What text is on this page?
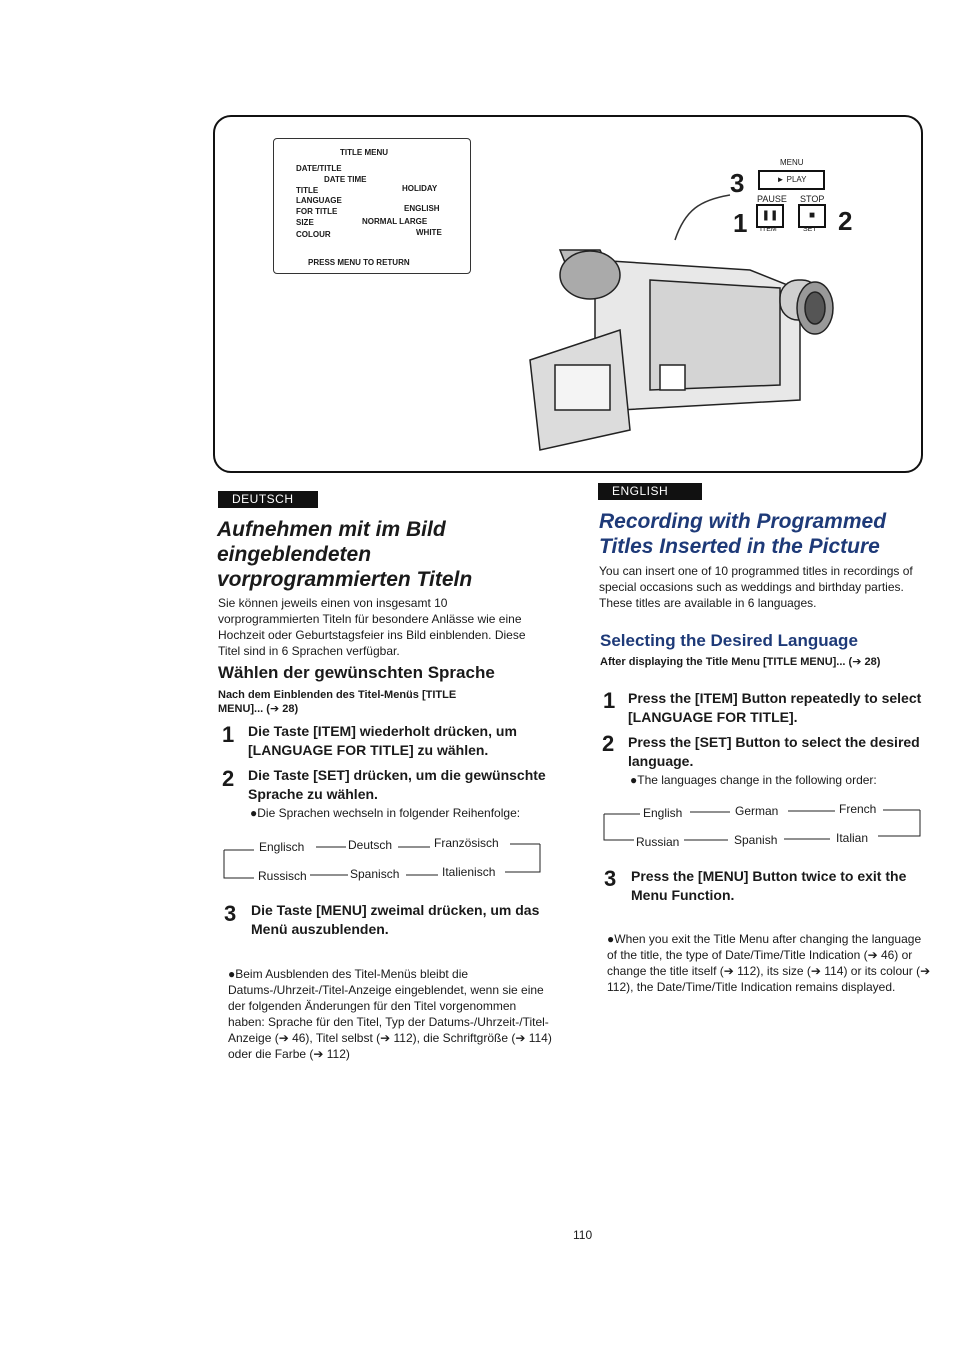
TITLE MENU
DATE/TITLE
DATE TIME
TITLE	HOLIDAY
LANGUAGE
FOR TITLE	ENGLISH
SIZE	NORMAL LARGE
COLOUR	WHITE
PRESS MENU TO RETURN
MENU
► PLAY
3
PAUSE STOP
❚❚	■
ITEM	SET
1	2
DEUTSCH
Aufnehmen mit im Bild
eingeblendeten
vorprogrammierten Titeln
Sie können jeweils einen von insgesamt 10 vorprogrammierten Titeln für besondere Anlässe wie eine Hochzeit oder Geburtstagsfeier ins Bild einblenden. Diese Titel sind in 6 Sprachen verfügbar.
Wählen der gewünschten Sprache
Nach dem Einblenden des Titel-Menüs [TITLE MENU]... (➔ 28)
1 Die Taste [ITEM] wiederholt drücken, um [LANGUAGE FOR TITLE] zu wählen.
2 Die Taste [SET] drücken, um die gewünschte Sprache zu wählen.
●Die Sprachen wechseln in folgender Reihenfolge:
Englisch	Deutsch	Französisch
Russisch	Spanisch	Italienisch
3 Die Taste [MENU] zweimal drücken, um das Menü auszublenden.
●Beim Ausblenden des Titel-Menüs bleibt die Datums-/Uhrzeit-/Titel-Anzeige eingeblendet, wenn sie eine der folgenden Änderungen für den Titel vorgenommen haben: Sprache für den Titel, Typ der Datums-/Uhrzeit-/Titel-Anzeige (➔ 46), Titel selbst (➔ 112), die Schriftgröße (➔ 114) oder die Farbe (➔ 112)
ENGLISH
Recording with Programmed
Titles Inserted in the Picture
You can insert one of 10 programmed titles in recordings of special occasions such as weddings and birthday parties. These titles are available in 6 languages.
Selecting the Desired Language
After displaying the Title Menu [TITLE MENU]... (➔ 28)
1 Press the [ITEM] Button repeatedly to select [LANGUAGE FOR TITLE].
2 Press the [SET] Button to select the desired language.
●The languages change in the following order:
English	German	French
Russian	Spanish	Italian
3 Press the [MENU] Button twice to exit the Menu Function.
●When you exit the Title Menu after changing the language of the title, the type of Date/Time/Title Indication (➔ 46) or change the title itself (➔ 112), its size (➔ 114) or its colour (➔ 112), the Date/Time/Title Indication remains displayed.
110
